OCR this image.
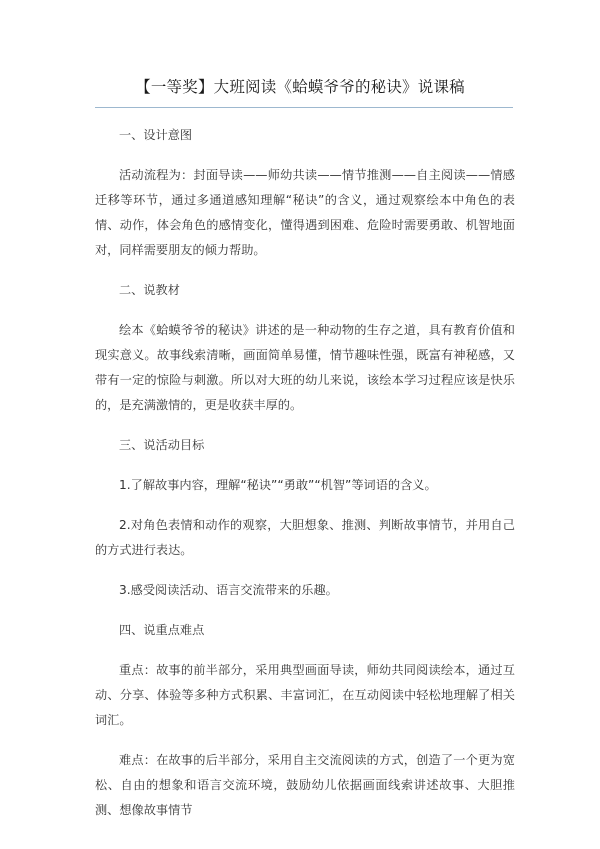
【一等奖】大班阅读《蛤蟆爷爷的秘诀》说课稿

一、设计意图

活动流程为：封面导读——师幼共读——情节推测——自主阅读——情感迁移等环节，通过多通道感知理解“秘诀”的含义，通过观察绘本中角色的表情、动作，体会角色的感情变化，懂得遇到困难、危险时需要勇敢、机智地面对，同样需要朋友的倾力帮助。

二、说教材

绘本《蛤蟆爷爷的秘诀》讲述的是一种动物的生存之道，具有教育价值和现实意义。故事线索清晰，画面简单易懂，情节趣味性强，既富有神秘感，又带有一定的惊险与刺激。所以对大班的幼儿来说，该绘本学习过程应该是快乐的，是充满激情的，更是收获丰厚的。

三、说活动目标

1.了解故事内容，理解“秘诀”“勇敢”“机智”等词语的含义。

2.对角色表情和动作的观察，大胆想象、推测、判断故事情节，并用自己的方式进行表达。

3.感受阅读活动、语言交流带来的乐趣。

四、说重点难点

重点：故事的前半部分，采用典型画面导读，师幼共同阅读绘本，通过互动、分享、体验等多种方式积累、丰富词汇，在互动阅读中轻松地理解了相关词汇。

难点：在故事的后半部分，采用自主交流阅读的方式，创造了一个更为宽松、自由的想象和语言交流环境，鼓励幼儿依据画面线索讲述故事、大胆推测、想像故事情节
